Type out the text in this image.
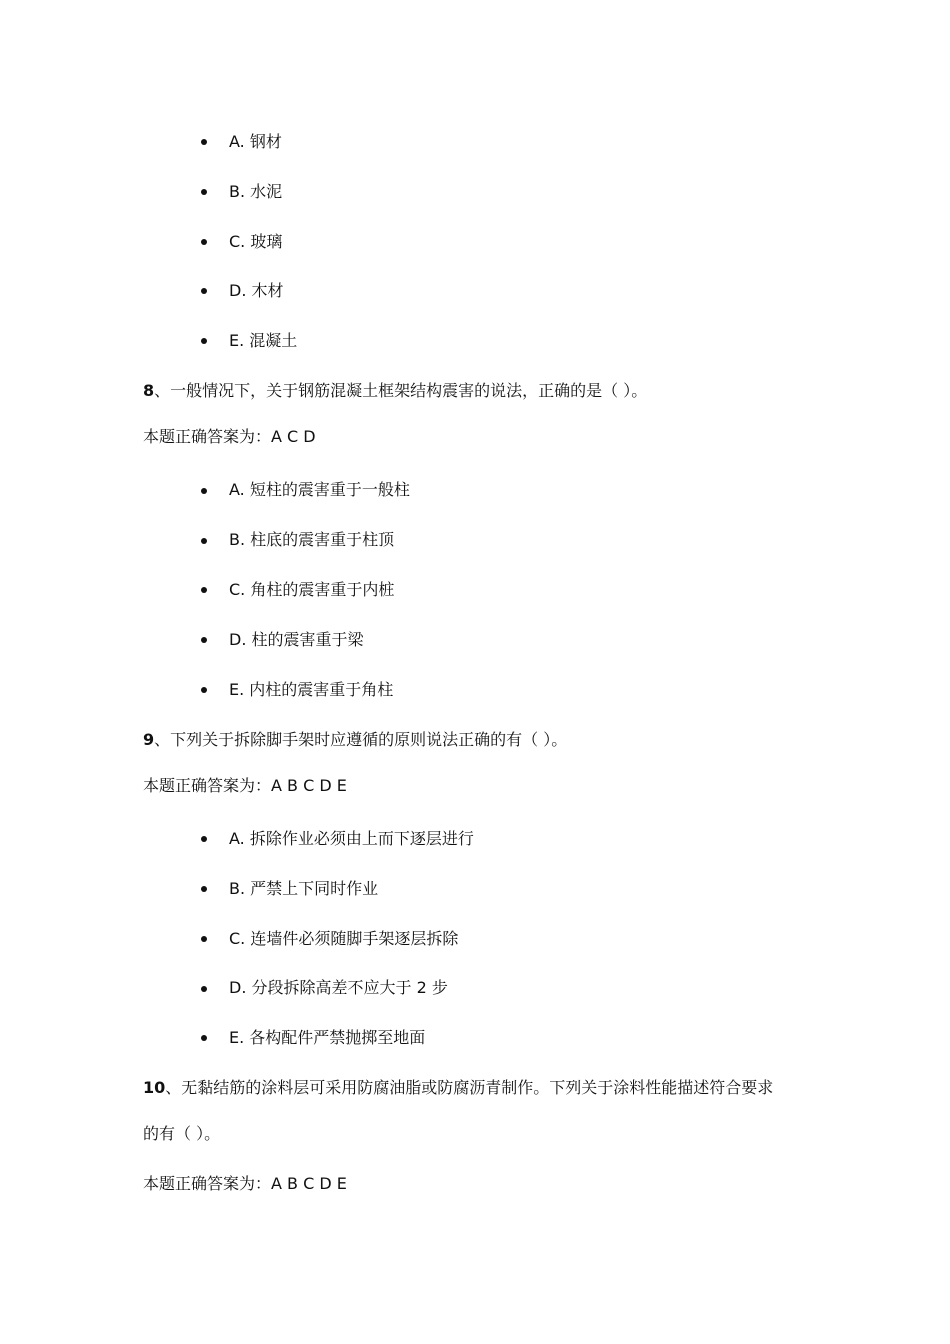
A. 钢材
B. 水泥
C. 玻璃
D. 木材
E. 混凝土
8、一般情况下，关于钢筋混凝土框架结构震害的说法，正确的是（ ）。
本题正确答案为：A C D
A. 短柱的震害重于一般柱
B. 柱底的震害重于柱顶
C. 角柱的震害重于内桩
D. 柱的震害重于梁
E. 内柱的震害重于角柱
9、下列关于拆除脚手架时应遵循的原则说法正确的有（ ）。
本题正确答案为：A B C D E
A. 拆除作业必须由上而下逐层进行
B. 严禁上下同时作业
C. 连墙件必须随脚手架逐层拆除
D. 分段拆除高差不应大于 2 步
E. 各构配件严禁抛掷至地面
10、无黏结筋的涂料层可采用防腐油脂或防腐沥青制作。下列关于涂料性能描述符合要求
的有（ ）。
本题正确答案为：A B C D E
